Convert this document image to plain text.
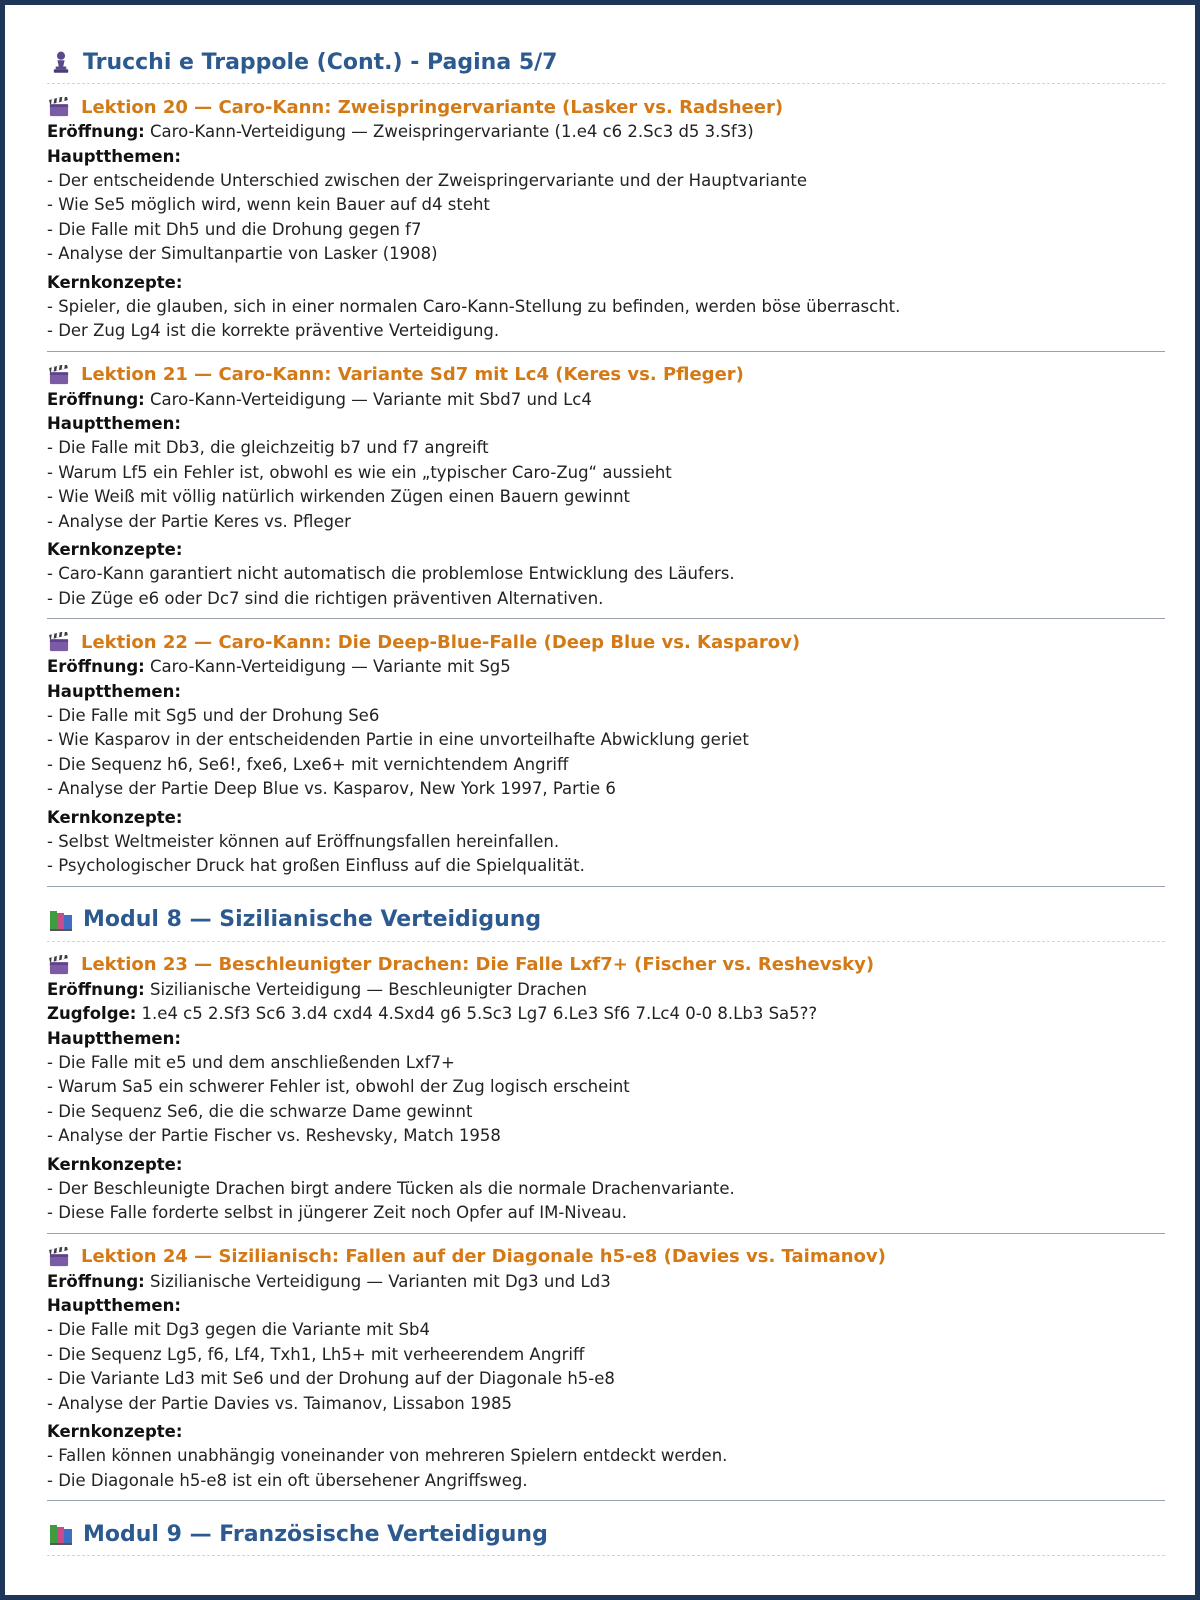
Trucchi e Trappole (Cont.) - Pagina 5/7
Lektion 20 — Caro-Kann: Zweispringervariante (Lasker vs. Radsheer)
Eröffnung: Caro-Kann-Verteidigung — Zweispringervariante (1.e4 c6 2.Sc3 d5 3.Sf3)
Hauptthemen:
- Der entscheidende Unterschied zwischen der Zweispringervariante und der Hauptvariante
- Wie Se5 möglich wird, wenn kein Bauer auf d4 steht
- Die Falle mit Dh5 und die Drohung gegen f7
- Analyse der Simultanpartie von Lasker (1908)
Kernkonzepte:
- Spieler, die glauben, sich in einer normalen Caro-Kann-Stellung zu befinden, werden böse überrascht.
- Der Zug Lg4 ist die korrekte präventive Verteidigung.
Lektion 21 — Caro-Kann: Variante Sd7 mit Lc4 (Keres vs. Pfleger)
Eröffnung: Caro-Kann-Verteidigung — Variante mit Sbd7 und Lc4
Hauptthemen:
- Die Falle mit Db3, die gleichzeitig b7 und f7 angreift
- Warum Lf5 ein Fehler ist, obwohl es wie ein „typischer Caro-Zug“ aussieht
- Wie Weiß mit völlig natürlich wirkenden Zügen einen Bauern gewinnt
- Analyse der Partie Keres vs. Pfleger
Kernkonzepte:
- Caro-Kann garantiert nicht automatisch die problemlose Entwicklung des Läufers.
- Die Züge e6 oder Dc7 sind die richtigen präventiven Alternativen.
Lektion 22 — Caro-Kann: Die Deep-Blue-Falle (Deep Blue vs. Kasparov)
Eröffnung: Caro-Kann-Verteidigung — Variante mit Sg5
Hauptthemen:
- Die Falle mit Sg5 und der Drohung Se6
- Wie Kasparov in der entscheidenden Partie in eine unvorteilhafte Abwicklung geriet
- Die Sequenz h6, Se6!, fxe6, Lxe6+ mit vernichtendem Angriff
- Analyse der Partie Deep Blue vs. Kasparov, New York 1997, Partie 6
Kernkonzepte:
- Selbst Weltmeister können auf Eröffnungsfallen hereinfallen.
- Psychologischer Druck hat großen Einfluss auf die Spielqualität.
Modul 8 — Sizilianische Verteidigung
Lektion 23 — Beschleunigter Drachen: Die Falle Lxf7+ (Fischer vs. Reshevsky)
Eröffnung: Sizilianische Verteidigung — Beschleunigter Drachen
Zugfolge: 1.e4 c5 2.Sf3 Sc6 3.d4 cxd4 4.Sxd4 g6 5.Sc3 Lg7 6.Le3 Sf6 7.Lc4 0-0 8.Lb3 Sa5??
Hauptthemen:
- Die Falle mit e5 und dem anschließenden Lxf7+
- Warum Sa5 ein schwerer Fehler ist, obwohl der Zug logisch erscheint
- Die Sequenz Se6, die die schwarze Dame gewinnt
- Analyse der Partie Fischer vs. Reshevsky, Match 1958
Kernkonzepte:
- Der Beschleunigte Drachen birgt andere Tücken als die normale Drachenvariante.
- Diese Falle forderte selbst in jüngerer Zeit noch Opfer auf IM-Niveau.
Lektion 24 — Sizilianisch: Fallen auf der Diagonale h5-e8 (Davies vs. Taimanov)
Eröffnung: Sizilianische Verteidigung — Varianten mit Dg3 und Ld3
Hauptthemen:
- Die Falle mit Dg3 gegen die Variante mit Sb4
- Die Sequenz Lg5, f6, Lf4, Txh1, Lh5+ mit verheerendem Angriff
- Die Variante Ld3 mit Se6 und der Drohung auf der Diagonale h5-e8
- Analyse der Partie Davies vs. Taimanov, Lissabon 1985
Kernkonzepte:
- Fallen können unabhängig voneinander von mehreren Spielern entdeckt werden.
- Die Diagonale h5-e8 ist ein oft übersehener Angriffsweg.
Modul 9 — Französische Verteidigung
